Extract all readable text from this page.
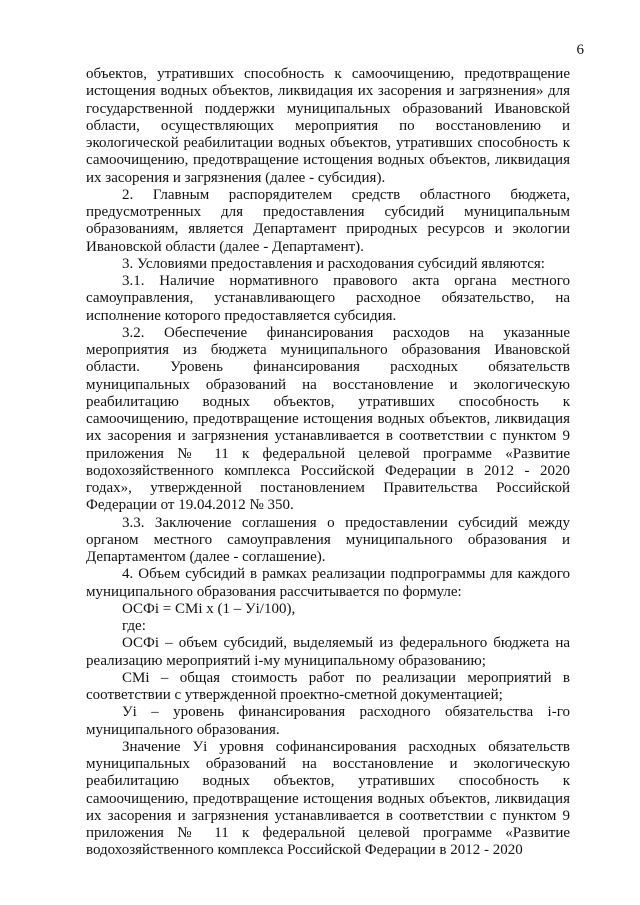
6

объектов, утративших способность к самоочищению, предотвращение истощения водных объектов, ликвидация их засорения и загрязнения» для государственной поддержки муниципальных образований Ивановской области, осуществляющих мероприятия по восстановлению и экологической реабилитации водных объектов, утративших способность к самоочищению, предотвращение истощения водных объектов, ликвидация их засорения и загрязнения (далее - субсидия).

2. Главным распорядителем средств областного бюджета, предусмотренных для предоставления субсидий муниципальным образованиям, является Департамент природных ресурсов и экологии Ивановской области (далее - Департамент).

3. Условиями предоставления и расходования субсидий являются:

3.1. Наличие нормативного правового акта органа местного самоуправления, устанавливающего расходное обязательство, на исполнение которого предоставляется субсидия.

3.2. Обеспечение финансирования расходов на указанные мероприятия из бюджета муниципального образования Ивановской области. Уровень финансирования расходных обязательств муниципальных образований на восстановление и экологическую реабилитацию водных объектов, утративших способность к самоочищению, предотвращение истощения водных объектов, ликвидация их засорения и загрязнения устанавливается в соответствии с пунктом 9 приложения № 11 к федеральной целевой программе «Развитие водохозяйственного комплекса Российской Федерации в 2012 - 2020 годах», утвержденной постановлением Правительства Российской Федерации от 19.04.2012 № 350.

3.3. Заключение соглашения о предоставлении субсидий между органом местного самоуправления муниципального образования и Департаментом (далее - соглашение).

4. Объем субсидий в рамках реализации подпрограммы для каждого муниципального образования рассчитывается по формуле:

ОСФi = СМi х (1 – Уi/100),

где:

ОСФi – объем субсидий, выделяемый из федерального бюджета на реализацию мероприятий i-му муниципальному образованию;

СМi – общая стоимость работ по реализации мероприятий в соответствии с утвержденной проектно-сметной документацией;

Уi – уровень финансирования расходного обязательства i-го муниципального образования.

Значение Уi уровня софинансирования расходных обязательств муниципальных образований на восстановление и экологическую реабилитацию водных объектов, утративших способность к самоочищению, предотвращение истощения водных объектов, ликвидация их засорения и загрязнения устанавливается в соответствии с пунктом 9 приложения № 11 к федеральной целевой программе «Развитие водохозяйственного комплекса Российской Федерации в 2012 - 2020
